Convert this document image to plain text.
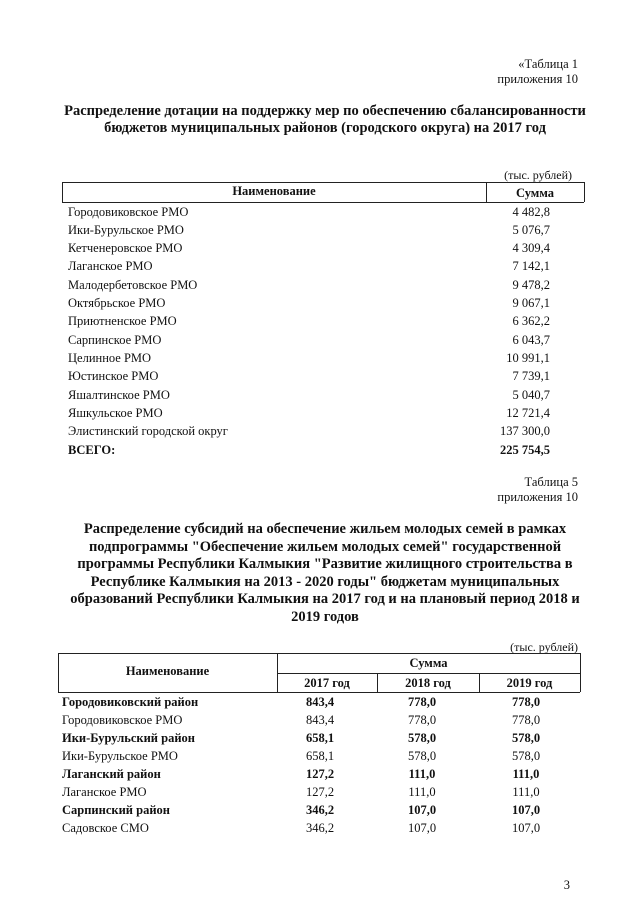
«Таблица 1
приложения 10
Распределение дотации на поддержку мер по обеспечению сбалансированности бюджетов муниципальных районов (городского округа) на 2017 год
(тыс. рублей)
Наименование	Сумма
Городовиковское РМО	4 482,8
Ики-Бурульское РМО	5 076,7
Кетченеровское РМО	4 309,4
Лаганское РМО	7 142,1
Малодербетовское РМО	9 478,2
Октябрьское РМО	9 067,1
Приютненское РМО	6 362,2
Сарпинское РМО	6 043,7
Целинное РМО	10 991,1
Юстинское РМО	7 739,1
Яшалтинское РМО	5 040,7
Яшкульское РМО	12 721,4
Элистинский городской округ	137 300,0
ВСЕГО:	225 754,5
Таблица 5
приложения 10
Распределение субсидий на обеспечение жильем молодых семей в рамках подпрограммы "Обеспечение жильем молодых семей" государственной программы Республики Калмыкия "Развитие жилищного строительства в Республике Калмыкия на 2013 - 2020 годы" бюджетам муниципальных образований Республики Калмыкия на 2017 год и на плановый период 2018 и 2019 годов
(тыс. рублей)
Наименование
Сумма
2017 год	2018 год	2019 год
Городовиковский район	843,4	778,0	778,0
Городовиковское РМО	843,4	778,0	778,0
Ики-Бурульский район	658,1	578,0	578,0
Ики-Бурульское РМО	658,1	578,0	578,0
Лаганский район	127,2	111,0	111,0
Лаганское РМО	127,2	111,0	111,0
Сарпинский район	346,2	107,0	107,0
Садовское СМО	346,2	107,0	107,0
3
